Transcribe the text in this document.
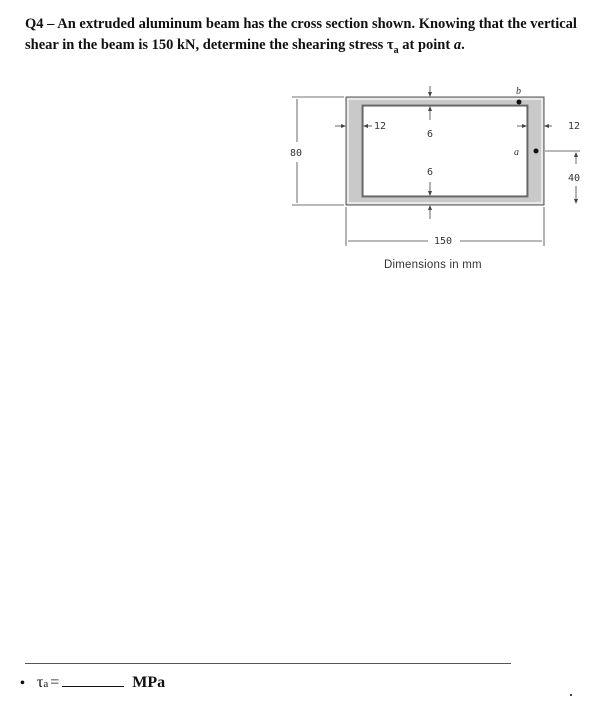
Q4 – An extruded aluminum beam has the cross section shown. Knowing that the vertical shear in the beam is 150 kN, determine the shearing stress $\tau_a$ at point a.
80
12	12
6
6
b
a
40
150
Dimensions in mm
• τ a =	MPa
